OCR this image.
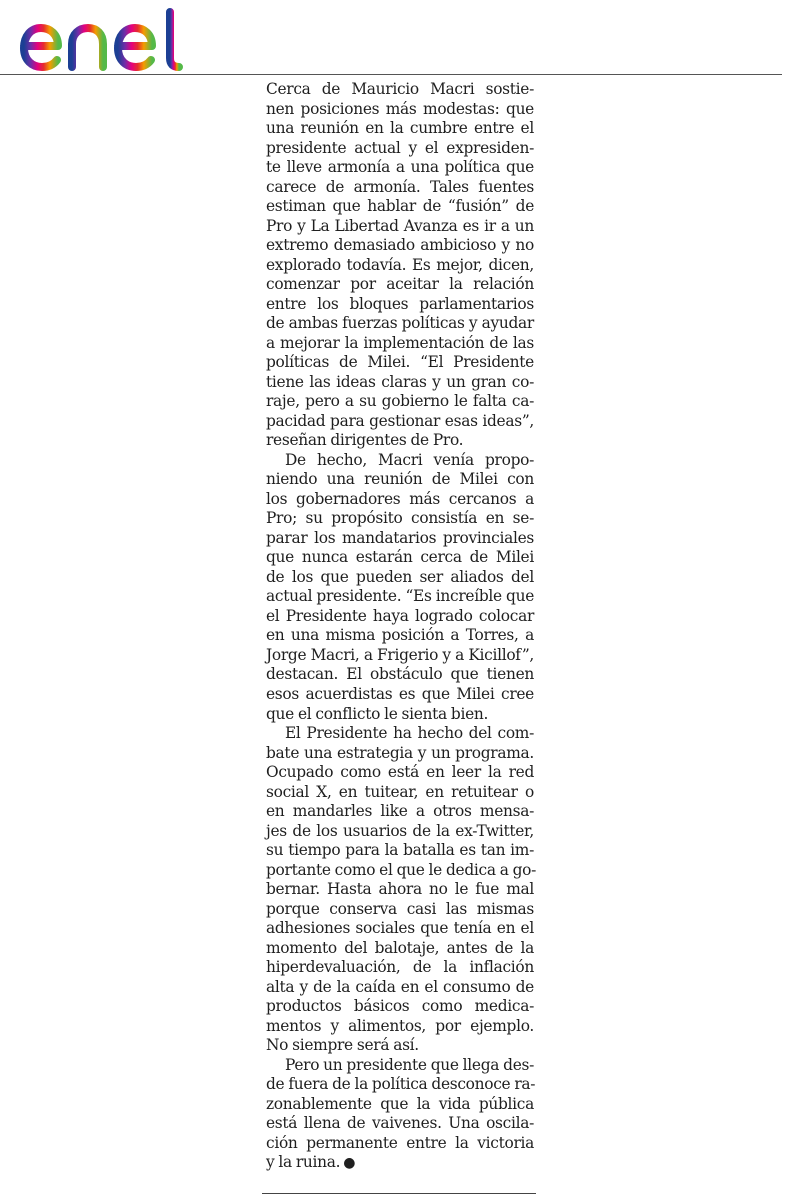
Cerca de Mauricio Macri sostie-
nen posiciones más modestas: que
una reunión en la cumbre entre el
presidente actual y el expresiden-
te lleve armonía a una política que
carece de armonía. Tales fuentes
estiman que hablar de “fusión” de
Pro y La Libertad Avanza es ir a un
extremo demasiado ambicioso y no
explorado todavía. Es mejor, dicen,
comenzar por aceitar la relación
entre los bloques parlamentarios
de ambas fuerzas políticas y ayudar
a mejorar la implementación de las
políticas de Milei. “El Presidente
tiene las ideas claras y un gran co-
raje, pero a su gobierno le falta ca-
pacidad para gestionar esas ideas”,
reseñan dirigentes de Pro.
De hecho, Macri venía propo-
niendo una reunión de Milei con
los gobernadores más cercanos a
Pro; su propósito consistía en se-
parar los mandatarios provinciales
que nunca estarán cerca de Milei
de los que pueden ser aliados del
actual presidente. “Es increíble que
el Presidente haya logrado colocar
en una misma posición a Torres, a
Jorge Macri, a Frigerio y a Kicillof”,
destacan. El obstáculo que tienen
esos acuerdistas es que Milei cree
que el conflicto le sienta bien.
El Presidente ha hecho del com-
bate una estrategia y un programa.
Ocupado como está en leer la red
social X, en tuitear, en retuitear o
en mandarles like a otros mensa-
jes de los usuarios de la ex-Twitter,
su tiempo para la batalla es tan im-
portante como el que le dedica a go-
bernar. Hasta ahora no le fue mal
porque conserva casi las mismas
adhesiones sociales que tenía en el
momento del balotaje, antes de la
hiperdevaluación, de la inflación
alta y de la caída en el consumo de
productos básicos como medica-
mentos y alimentos, por ejemplo.
No siempre será así.
Pero un presidente que llega des-
de fuera de la política desconoce ra-
zonablemente que la vida pública
está llena de vaivenes. Una oscila-
ción permanente entre la victoria
y la ruina. ●
